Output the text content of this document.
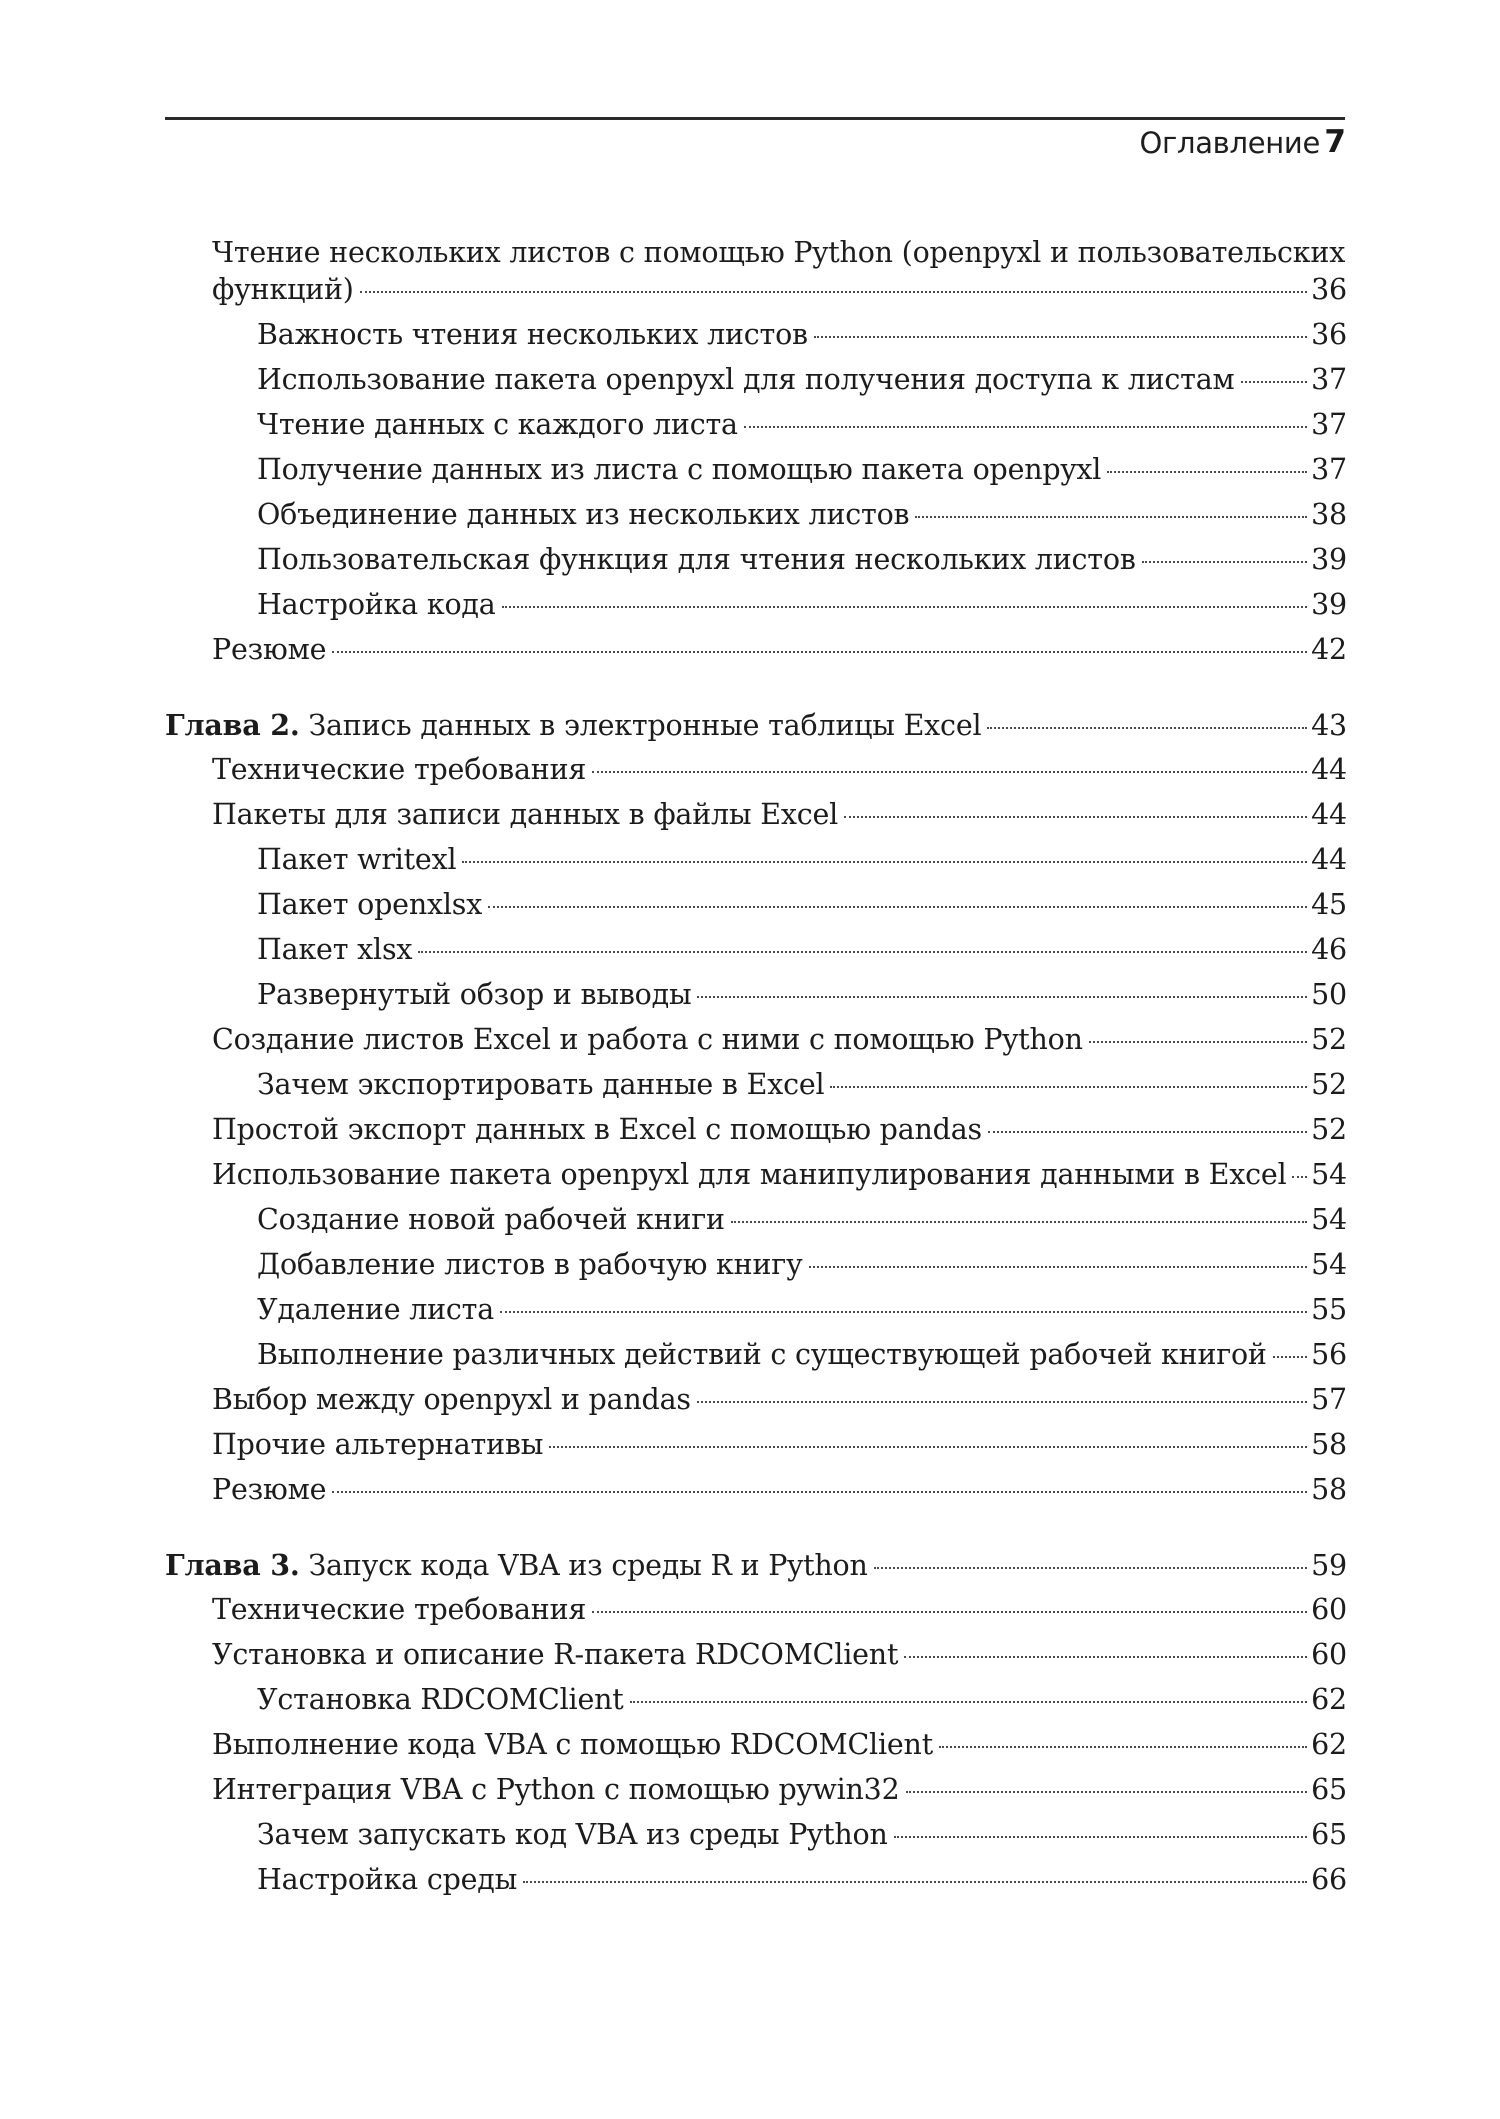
Оглавление 7
Чтение нескольких листов с помощью Python (openpyxl и пользовательских
функций)	36
Важность чтения нескольких листов	36
Использование пакета openpyxl для получения доступа к листам	37
Чтение данных с каждого листа	37
Получение данных из листа с помощью пакета openpyxl	37
Объединение данных из нескольких листов	38
Пользовательская функция для чтения нескольких листов	39
Настройка кода	39
Резюме	42
Глава 2. Запись данных в электронные таблицы Excel	43
Технические требования	44
Пакеты для записи данных в файлы Excel	44
Пакет writexl	44
Пакет openxlsx	45
Пакет xlsx	46
Развернутый обзор и выводы	50
Создание листов Excel и работа с ними с помощью Python	52
Зачем экспортировать данные в Excel	52
Простой экспорт данных в Excel с помощью pandas	52
Использование пакета openpyxl для манипулирования данными в Excel 54
Создание новой рабочей книги	54
Добавление листов в рабочую книгу	54
Удаление листа	55
Выполнение различных действий с существующей рабочей книгой 56
Выбор между openpyxl и pandas	57
Прочие альтернативы	58
Резюме	58
Глава 3. Запуск кода VBA из среды R и Python	59
Технические требования	60
Установка и описание R-пакета RDCOMClient	60
Установка RDCOMClient	62
Выполнение кода VBA с помощью RDCOMClient	62
Интеграция VBA с Python с помощью pywin32	65
Зачем запускать код VBA из среды Python	65
Настройка среды	66
